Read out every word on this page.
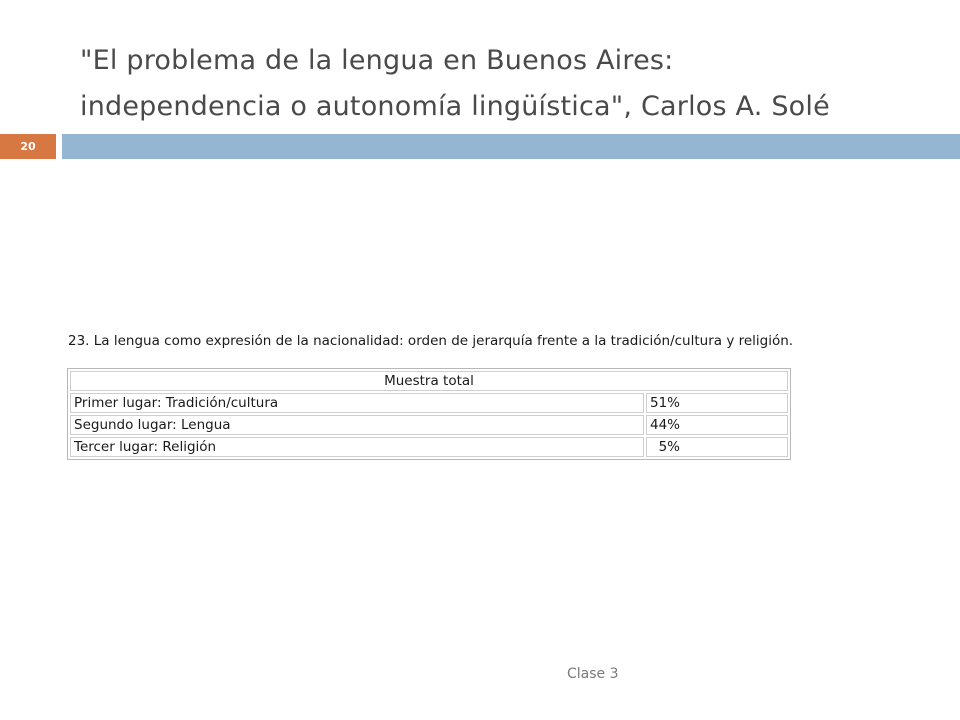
"El problema de la lengua en Buenos Aires:
independencia o autonomía lingüística", Carlos A. Solé
20
23. La lengua como expresión de la nacionalidad: orden de jerarquía frente a la tradición/cultura y religión.
Muestra total	
Primer lugar: Tradición/cultura	51%
Segundo lugar: Lengua	44%
Tercer lugar: Religión	5%
Clase 3
